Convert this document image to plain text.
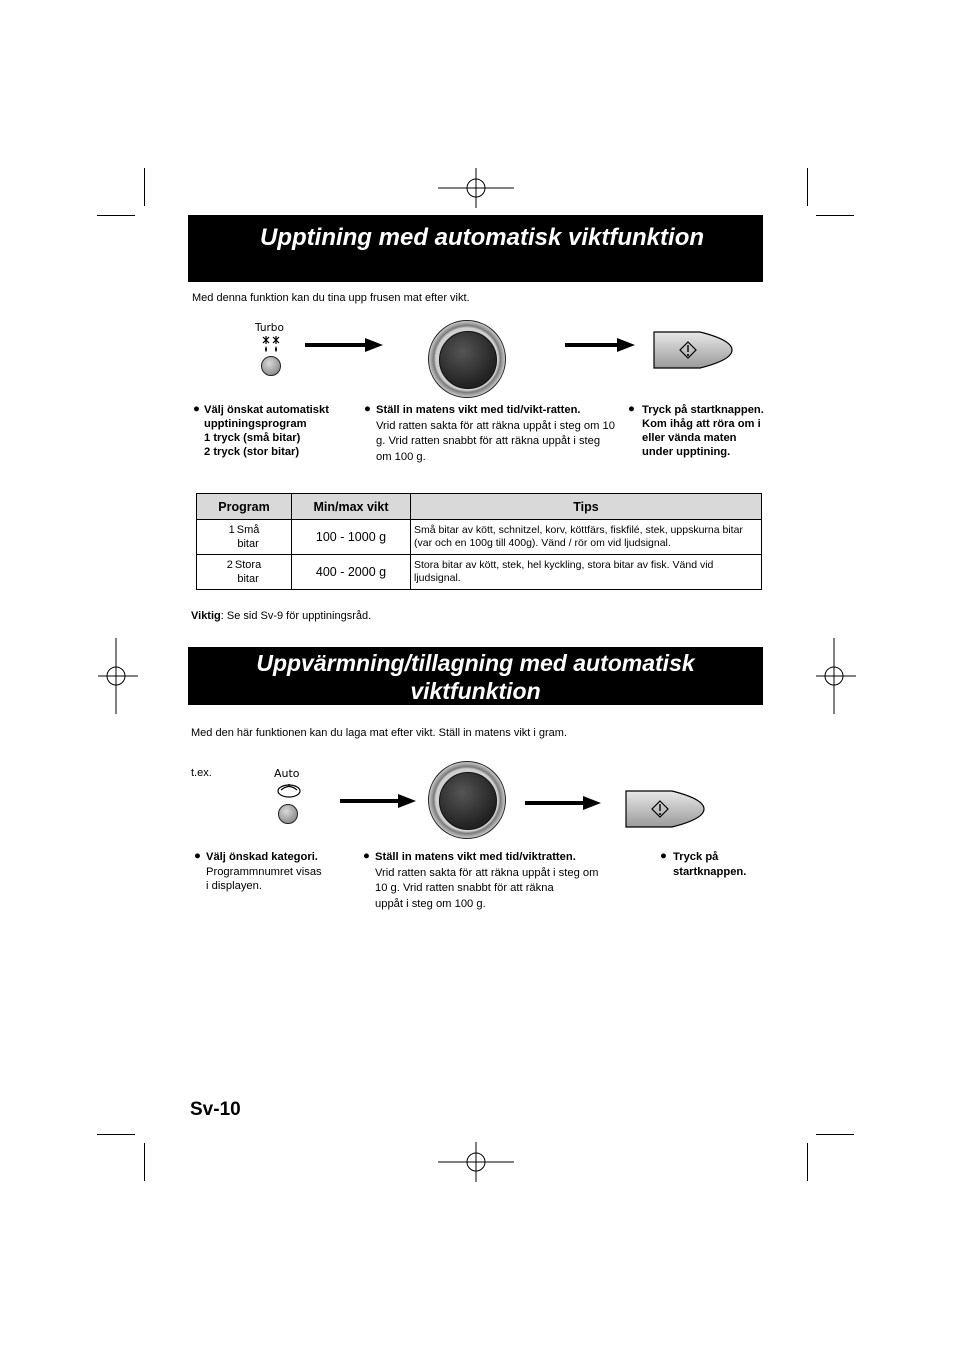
Upptining med automatisk viktfunktion
Med denna funktion kan du tina upp frusen mat efter vikt.
Turbo
● Välj önskat automatiskt upptiningsprogram
1 tryck (små bitar)
2 tryck (stor bitar)
● Ställ in matens vikt med tid/vikt-ratten.
Vrid ratten sakta för att räkna uppåt i steg om 10 g. Vrid ratten snabbt för att räkna uppåt i steg om 100 g.
● Tryck på startknappen. Kom ihåg att röra om i eller vända maten under upptining.
Program	Min/max vikt	Tips

1 Små
bitar	100 - 1000 g	Små bitar av kött, schnitzel, korv, köttfärs, fiskfilé, stek, uppskurna bitar (var och en 100g till 400g). Vänd / rör om vid ljudsignal.

2 Stora
bitar	400 - 2000 g	Stora bitar av kött, stek, hel kyckling, stora bitar av fisk. Vänd vid ljudsignal.
Viktig: Se sid Sv-9 för upptiningsråd.
Uppvärmning/tillagning med automatisk
viktfunktion
Med den här funktionen kan du laga mat efter vikt. Ställ in matens vikt i gram.
t.ex.	Auto
● Välj önskad kategori.
Programmnumret visas
i displayen.
● Ställ in matens vikt med tid/viktratten.
Vrid ratten sakta för att räkna uppåt i steg om
10 g. Vrid ratten snabbt för att räkna
uppåt i steg om 100 g.
● Tryck på
startknappen.
Sv-10
